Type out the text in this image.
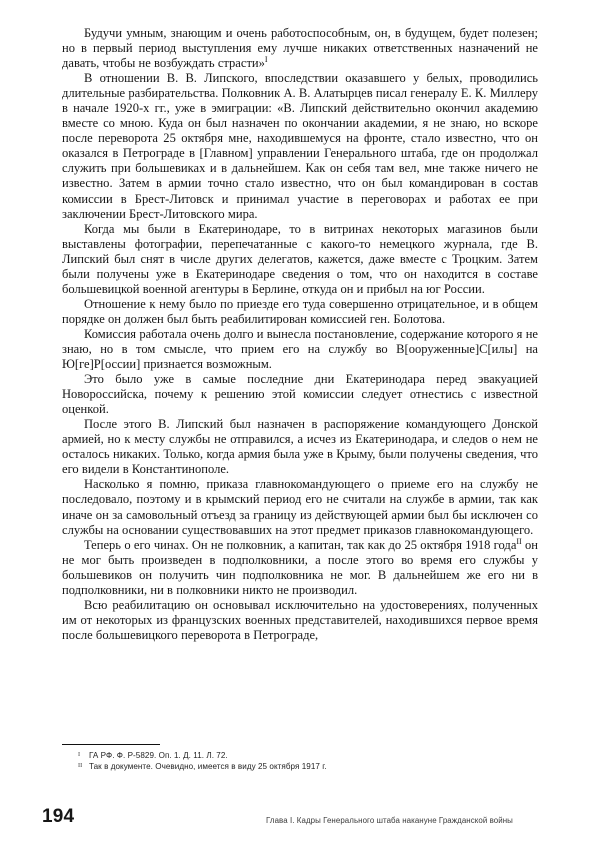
Будучи умным, знающим и очень работоспособным, он, в будущем, будет полезен; но в первый период выступления ему лучше никаких ответственных назначений не давать, чтобы не возбуждать страсти»$^I$

В отношении В. В. Липского, впоследствии оказавшего у белых, проводились длительные разбирательства. Полковник А. В. Алатырцев писал генералу Е. К. Миллеру в начале 1920-х гг., уже в эмиграции: «В. Липский действительно окончил академию вместе со мною. Куда он был назначен по окончании академии, я не знаю, но вскоре после переворота 25 октября мне, находившемуся на фронте, стало известно, что он оказался в Петрограде в [Главном] управлении Генерального штаба, где он продолжал служить при большевиках и в дальнейшем. Как он себя там вел, мне также ничего не известно. Затем в армии точно стало известно, что он был командирован в состав комиссии в Брест-Литовск и принимал участие в переговорах и работах ее при заключении Брест-Литовского мира.

Когда мы были в Екатеринодаре, то в витринах некоторых магазинов были выставлены фотографии, перепечатанные с какого-то немецкого журнала, где В. Липский был снят в числе других делегатов, кажется, даже вместе с Троцким. Затем были получены уже в Екатеринодаре сведения о том, что он находится в составе большевицкой военной агентуры в Берлине, откуда он и прибыл на юг России.

Отношение к нему было по приезде его туда совершенно отрицательное, и в общем порядке он должен был быть реабилитирован комиссией ген. Болотова.

Комиссия работала очень долго и вынесла постановление, содержание которого я не знаю, но в том смысле, что прием его на службу во В[ооруженные]С[илы] на Ю[ге]Р[оссии] признается возможным.

Это было уже в самые последние дни Екатеринодара перед эвакуацией Новороссийска, почему к решению этой комиссии следует отнестись с известной оценкой.

После этого В. Липский был назначен в распоряжение командующего Донской армией, но к месту службы не отправился, а исчез из Екатеринодара, и следов о нем не осталось никаких. Только, когда армия была уже в Крыму, были получены сведения, что его видели в Константинополе.

Насколько я помню, приказа главнокомандующего о приеме его на службу не последовало, поэтому и в крымский период его не считали на службе в армии, так как иначе он за самовольный отъезд за границу из действующей армии был бы исключен со службы на основании существовавших на этот предмет приказов главнокомандующего.

Теперь о его чинах. Он не полковник, а капитан, так как до 25 октября 1918 года$^{II}$ он не мог быть произведен в подполковники, а после этого во время его службы у большевиков он получить чин подполковника не мог. В дальнейшем же его ни в подполковники, ни в полковники никто не производил.

Всю реабилитацию он основывал исключительно на удостоверениях, полученных им от некоторых из французских военных представителей, находившихся первое время после большевицкого переворота в Петрограде,

I ГА РФ. Ф. Р-5829. Оп. 1. Д. 11. Л. 72.
II Так в документе. Очевидно, имеется в виду 25 октября 1917 г.
194	Глава I. Кадры Генерального штаба накануне Гражданской войны
